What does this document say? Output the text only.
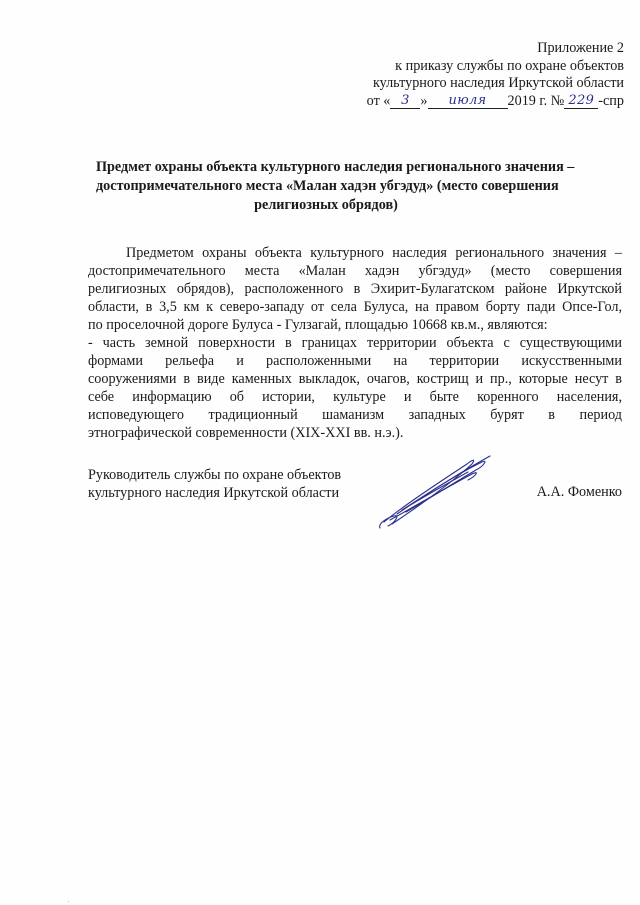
Приложение 2
к приказу службы по охране объектов
культурного наследия Иркутской области
от « 3 » июля 2019 г. № 229 -спр
Предмет охраны объекта культурного наследия регионального значения –
достопримечательного места «Малан хадэн убгэдуд» (место совершения
религиозных обрядов)
Предметом охраны объекта культурного наследия регионального значения –
достопримечательного места «Малан хадэн убгэдуд» (место совершения
религиозных обрядов), расположенного в Эхирит-Булагатском районе Иркутской
области, в 3,5 км к северо-западу от села Булуса, на правом борту пади Опсе-Гол,
по проселочной дороге Булуса - Гулзагай, площадью 10668 кв.м., являются:
- часть земной поверхности в границах территории объекта с существующими
формами рельефа и расположенными на территории искусственными
сооружениями в виде каменных выкладок, очагов, кострищ и пр., которые несут в
себе информацию об истории, культуре и быте коренного населения,
исповедующего традиционный шаманизм западных бурят в период
этнографической современности (XIX-XXI вв. н.э.).
Руководитель службы по охране объектов
культурного наследия Иркутской области	А.А. Фоменко
